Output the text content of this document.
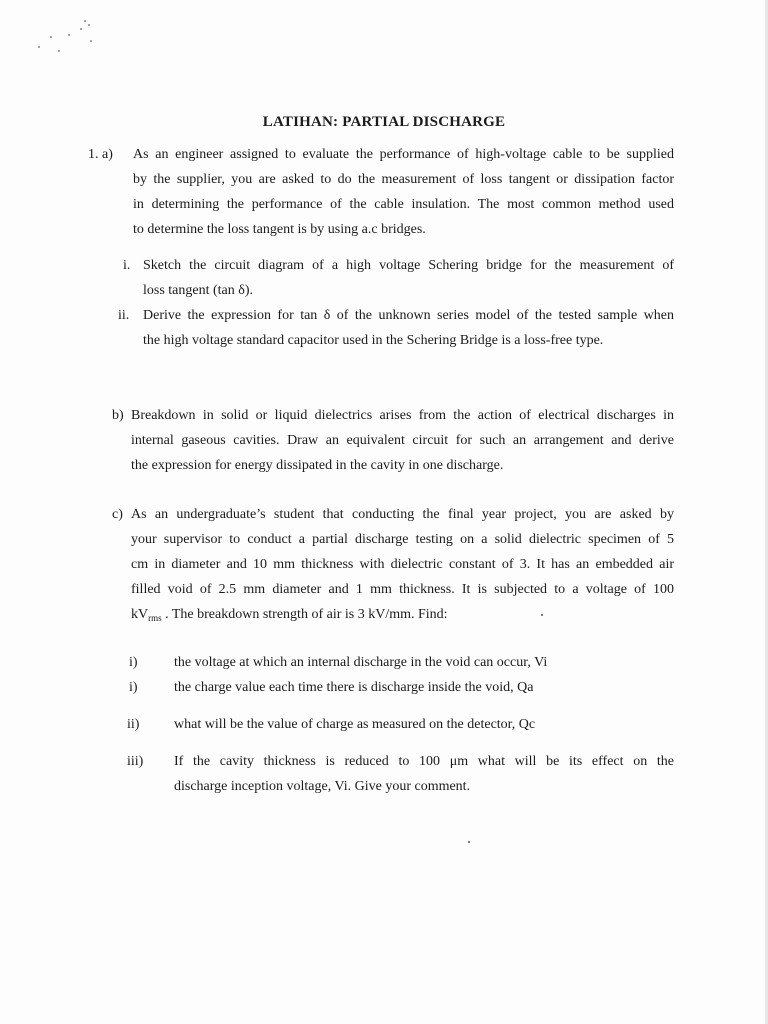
LATIHAN: PARTIAL DISCHARGE
1. a) As an engineer assigned to evaluate the performance of high-voltage cable to be supplied
by the supplier, you are asked to do the measurement of loss tangent or dissipation factor
in determining the performance of the cable insulation. The most common method used
to determine the loss tangent is by using a.c bridges.
i. Sketch the circuit diagram of a high voltage Schering bridge for the measurement of
loss tangent (tan δ).
ii. Derive the expression for tan δ of the unknown series model of the tested sample when
the high voltage standard capacitor used in the Schering Bridge is a loss-free type.
b) Breakdown in solid or liquid dielectrics arises from the action of electrical discharges in
internal gaseous cavities. Draw an equivalent circuit for such an arrangement and derive
the expression for energy dissipated in the cavity in one discharge.
c) As an undergraduate’s student that conducting the final year project, you are asked by
your supervisor to conduct a partial discharge testing on a solid dielectric specimen of 5
cm in diameter and 10 mm thickness with dielectric constant of 3. It has an embedded air
filled void of 2.5 mm diameter and 1 mm thickness. It is subjected to a voltage of 100
$kV_{rms}$ . The breakdown strength of air is 3 kV/mm. Find:
i)	the voltage at which an internal discharge in the void can occur, Vi
i)	the charge value each time there is discharge inside the void, Qa
ii) what will be the value of charge as measured on the detector, Qc
iii) If the cavity thickness is reduced to 100 μm what will be its effect on the
discharge inception voltage, Vi. Give your comment.
